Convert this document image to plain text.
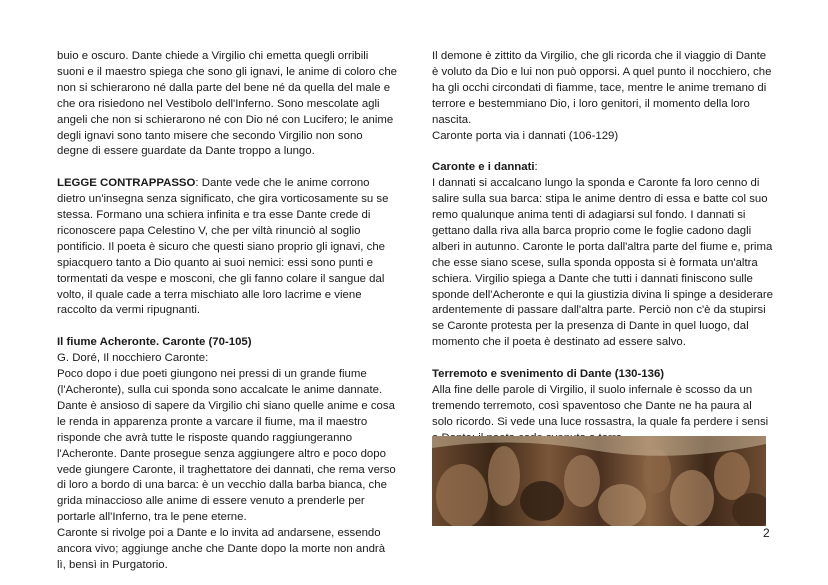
buio e oscuro. Dante chiede a Virgilio chi emetta quegli orribili suoni e il maestro spiega che sono gli ignavi, le anime di coloro che non si schierarono né dalla parte del bene né da quella del male e che ora risiedono nel Vestibolo dell'Inferno. Sono mescolate agli angeli che non si schierarono né con Dio né con Lucifero; le anime degli ignavi sono tanto misere che secondo Virgilio non sono degne di essere guardate da Dante troppo a lungo.

LEGGE CONTRAPPASSO: Dante vede che le anime corrono dietro un'insegna senza significato, che gira vorticosamente su se stessa. Formano una schiera infinita e tra esse Dante crede di riconoscere papa Celestino V, che per viltà rinunciò al soglio pontificio. Il poeta è sicuro che questi siano proprio gli ignavi, che spiacquero tanto a Dio quanto ai suoi nemici: essi sono punti e tormentati da vespe e mosconi, che gli fanno colare il sangue dal volto, il quale cade a terra mischiato alle loro lacrime e viene raccolto da vermi ripugnanti.

Il fiume Acheronte. Caronte (70-105)

G. Doré, Il nocchiero Caronte:

Poco dopo i due poeti giungono nei pressi di un grande fiume (l'Acheronte), sulla cui sponda sono accalcate le anime dannate. Dante è ansioso di sapere da Virgilio chi siano quelle anime e cosa le renda in apparenza pronte a varcare il fiume, ma il maestro risponde che avrà tutte le risposte quando raggiungeranno l'Acheronte. Dante prosegue senza aggiungere altro e poco dopo vede giungere Caronte, il traghettatore dei dannati, che rema verso di loro a bordo di una barca: è un vecchio dalla barba bianca, che grida minaccioso alle anime di essere venuto a prenderle per portarle all'Inferno, tra le pene eterne.

Caronte si rivolge poi a Dante e lo invita ad andarsene, essendo ancora vivo; aggiunge anche che Dante dopo la morte non andrà lì, bensì in Purgatorio.

Il demone è zittito da Virgilio, che gli ricorda che il viaggio di Dante è voluto da Dio e lui non può opporsi. A quel punto il nocchiero, che ha gli occhi circondati di fiamme, tace, mentre le anime tremano di terrore e bestemmiano Dio, i loro genitori, il momento della loro nascita.

Caronte porta via i dannati (106-129)

Caronte e i dannati:

I dannati si accalcano lungo la sponda e Caronte fa loro cenno di salire sulla sua barca: stipa le anime dentro di essa e batte col suo remo qualunque anima tenti di adagiarsi sul fondo. I dannati si gettano dalla riva alla barca proprio come le foglie cadono dagli alberi in autunno. Caronte le porta dall'altra parte del fiume e, prima che esse siano scese, sulla sponda opposta si è formata un'altra schiera. Virgilio spiega a Dante che tutti i dannati finiscono sulle sponde dell'Acheronte e qui la giustizia divina li spinge a desiderare ardentemente di passare dall'altra parte. Perciò non c'è da stupirsi se Caronte protesta per la presenza di Dante in quel luogo, dal momento che il poeta è destinato ad essere salvo.

Terremoto e svenimento di Dante (130-136)

Alla fine delle parole di Virgilio, il suolo infernale è scosso da un tremendo terremoto, così spaventoso che Dante ne ha paura al solo ricordo. Si vede una luce rossastra, la quale fa perdere i sensi

2
